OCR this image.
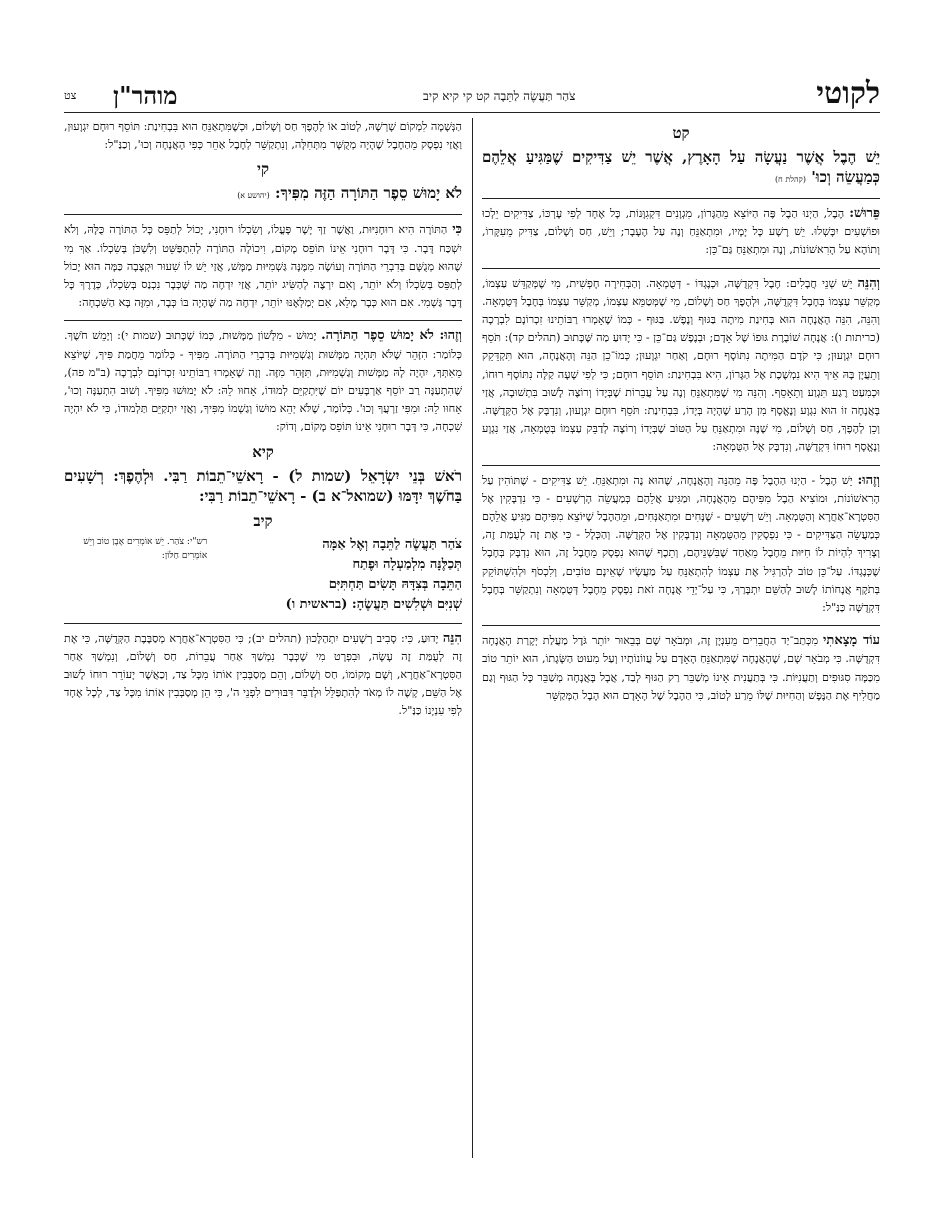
לקוטי
צֹהַר תַּעֲשֶׂה לַתֵּבָה קט קי קיא קיב
מוהר"ן
צט
קט
יֵשׁ הֶבֶל אֲשֶׁר נַעֲשָׂה עַל הָאָרֶץ, אֲשֶׁר יֵשׁ צַדִּיקִים שֶׁמַּגִּיעַ אֲלֵהֶם כְּמַעֲשֵׂה וְכוּ' (קהלת ח)

פֵּרוּשׁ: הֶבֶל, הַיְנוּ הַבֶל פֶּה הַיּוֹצֵא מֵהַגָּרוֹן, מִגְוָנִים דִּקְגִוָּנוֹת, כָּל אֶחָד לְפִי עֶרְכּוֹ, צַדִּיקִים יֵלְכוּ וּפוֹשְׁעִים יִכָּשְׁלוּ. יֵשׁ רָשָׁע כָּל יָמָיו, וּמִתְאַנֵּחַ וְנֶה עַל הֶעָבָר; וְיֵשׁ, חַס וְשָׁלוֹם, צַדִּיק מֵעִקָּרוֹ, וְתוֹהֶא עַל הָרִאשׁוֹנוֹת, וְנֶה וּמִתְאַנֵּחַ גַּם־כֵּן:

וְהִנֵּה יֵשׁ שְׁנֵי חֲבָלִים: חֶבֶל דִּקְדֻשָּׁה, וּכְנֶגְדּוֹ - דְּטֻמְאָה. וְהַבְּחִירָה חָפְשִׁית, מִי שֶׁמְּקַדֵּשׁ עַצְמוֹ, מְקַשֵּׁר עַצְמוֹ בְּחֶבֶל דִּקְדֻשָּׁה, וּלְהֶפֶךְ חַס וְשָׁלוֹם, מִי שֶׁמְּטַמֵּא עַצְמוֹ, מְקַשֵּׁר עַצְמוֹ בְּחֶבֶל דְּטֻמְאָה. וְהִנֵּה, הִנֵּה הָאֲנָחָה הוּא בְּחִינַת מִיתָה בַּגּוּף וְנֶפֶשׁ. בַּגּוּף - כְּמוֹ שֶׁאָמְרוּ רַבּוֹתֵינוּ זִכְרוֹנָם לִבְרָכָה (כריתות ו): אֲנָחָה שׁוֹבֶרֶת גּוּפוֹ שֶׁל אָדָם; וּבְנֶפֶשׁ גַּם־כֵּן - כִּי יָדוּעַ מַה שֶּׁכָּתוּב (תהלים קד): תֹּסֵף רוּחָם יִגְוָעוּן; כִּי קֹדֶם הַמִּיתָה נִתּוֹסָף רוּחָם, וְאַחַר יִגְוָעוּן; כְּמוֹ־כֵן הַנֵּה וְהָאֲנָחָה, הוּא תִּקְדֵּקֵק וְתֵעֲיָן בָּהּ אֵיךְ הִיא נִמְשֶׁכֶת אֶל הַגָּרוֹן, הִיא בִּבְחִינַת: תּוֹסֵף רוּחָם; כִּי לְפִי שָׁעָה קַלָּה נִתּוֹסָף רוּחוֹ, וּכְמִעַט רֶגַע תִּגְוַע וְתֵאָסֵף. וְהִנֵּה מִי שֶׁמִּתְאַנֵּחַ וְנֶה עַל עֲבֵרוֹת שֶׁבְּיָדוֹ וְרוֹצֶה לָשׁוּב בִּתְשׁוּבָה, אֲזַי בָּאֲנָחָה זוֹ הוּא נִגְוָע וְנֶאֱסָף מִן הָרַע שֶׁהָיָה בְּיָדוֹ, בִּבְחִינַת: תֹּסֵף רוּחָם יִגְוָעוּן, וְנִדְבָּק אֶל הַקְּדֻשָּׁה. וְכֵן לְהֶפֶךְ, חַס וְשָׁלוֹם, מִי שֶׁנֶּה וּמִתְאַנֵּחַ עַל הַטּוֹב שֶׁבְּיָדוֹ וְרוֹצֶה לְדַבֵּק עַצְמוֹ בְּטֻמְאָה, אֲזַי נִגְוָע וְנֶאֱסָף רוּחוֹ דִּקְדֻשָּׁה, וְנִדְבָּק אֶל הַטֻּמְאָה:

וְזֶהוּ: יֵשׁ הֶבֶל - הַיְנוּ הַהֶבֶל פֶּה מֵהַנֵּה וְהָאֲנָחָה, שֶׁהוּא נֶה וּמִתְאַנֵּחַ. יֵשׁ צַדִּיקִים - שֶׁתּוֹהִין עַל הָרִאשׁוֹנוֹת, וּמוֹצִיא הַבֶל מִפִּיהֶם מֵהָאֲנָחָה, וּמַגִּיעַ אֲלֵהֶם כְּמַעֲשֵׂה הָרְשָׁעִים - כִּי נִדְבָּקִין אֶל הַסִּטְרָא־אַחֲרָא וְהַטֻּמְאָה. וְיֵשׁ רְשָׁעִים - שֶׁנָּחִים וּמִתְאַנְּחִים, וּמֵהַהֶבֶל שֶׁיּוֹצֵא מִפִּיהֶם מַגִּיעַ אֲלֵהֶם כְּמַעֲשֵׂה הַצַּדִּיקִים - כִּי נִפְסָקִין מֵהַטֻּמְאָה וְנִדְבָּקִין אֶל הַקְּדֻשָּׁה. וְהַכְּלָל - כִּי אֶת זֶה לְעֻמַּת זֶה, וְצָרִיךְ לִהְיוֹת לוֹ חִיּוּת מֵחֶבֶל מֵאַחַד שֶׁבִּשְׁנֵיהֶם, וְתֵכֶף שֶׁהוּא נִפְסָק מֵחֶבֶל זֶה, הוּא נִדְבָּק בְּחֶבֶל שֶׁכְּנֶגְדּוֹ. עַל־כֵּן טוֹב לְהַרְגִּיל אֶת עַצְמוֹ לְהִתְאַנֵּחַ עַל מַעֲשָׂיו שֶׁאֵינָם טוֹבִים, וְלִכְסֹף וּלְהִשְׁתּוֹקֵק בְּתֹקֶף אֲנָחוֹתוֹ לָשׁוּב לְהַשֵּׁם יִתְבָּרַךְ, כִּי עַל־יְדֵי אֲנָחָה זֹאת נִפְסָק מֵחֶבֶל דְּטֻמְאָה וְנִתְקַשֵּׁר בְּחֶבֶל דִּקְדֻשָּׁה כַּנַּ"ל:

עוֹד מָצָאתִי מִכְּתַב־יַד הַחֲבֵרִים מֵעִנְיָן זֶה, וּמְבֹאָר שָׁם בְּבֵאוּר יוֹתֵר גֹּדֶל מַעֲלַת יְקָרַת הָאֲנָחָה דִּקְדֻשָּׁה. כִּי מְבֹאָר שָׁם, שֶׁהָאֲנָחָה שֶׁמִּתְאַנֵּחַ הָאָדָם עַל עֲווֹנוֹתָיו וְעַל מִעוּט הַשָּׂגָתוֹ, הוּא יוֹתֵר טוֹב מִכַּמָּה סִגּוּפִים וְתַעֲנִיּוֹת. כִּי בְּתַעֲנִית אֵינוֹ מְשַׁבֵּר רַק הַגּוּף לְבַד, אֲבָל בָּאֲנָחָה מְשַׁבֵּר כָּל הַגּוּף וְגַם מַחֲלִיף אֶת הַנֶּפֶשׁ וְהַחִיּוּת שֶׁלּוֹ מֵרַע לְטוֹב, כִּי הַהֶבֶל שֶׁל הָאָדָם הוּא הֶבֶל הַמְּקַשֵּׁר

הַנְּשָׁמָה לִמְקוֹם שָׁרְשָׁהּ, לְטוֹב אוֹ לְהֶפֶךְ חַס וְשָׁלוֹם, וּכְשֶׁמִּתְאַנֵּחַ הוּא בִּבְחִינַת: תּוֹסֵף רוּחָם יִגְוָעוּן, וַאֲזַי נִפְסָק מֵהַחֶבֶל שֶׁהָיָה מְקֻשָּׁר מִתְּחִלָּה, וְנִתְקַשֵּׁר לְחֶבֶל אַחֵר כְּפִי הָאֲנָחָה וְכוּ', וְכַנַּ"ל:

קי
לֹא יָמוּשׁ סֵפֶר הַתּוֹרָה הַזֶּה מִפִּיךָ: (יהושע א)

כִּי הַתּוֹרָה הִיא רוּחָנִיּוּת, וַאֲשֶׁר זַךְ יָשָׁר פָּעֳלוֹ, וְשִׂכְלוֹ רוּחָנִי, יָכוֹל לְתַפֵּס כָּל הַתּוֹרָה כֻּלָּהּ, וְלֹא יִשְׁכַּח דָּבָר. כִּי דָּבָר רוּחָנִי אֵינוֹ תּוֹפֵס מָקוֹם, וִיכוֹלָה הַתּוֹרָה לְהִתְפַּשֵּׁט וְלִשְׁכֹּן בְּשִׂכְלוֹ. אַךְ מִי שֶׁהוּא מְגֻשָּׁם בְּדִבְרֵי הַתּוֹרָה וְעוֹשֶׂה מִמֶּנָּה גַּשְׁמִיּוּת מַמָּשׁ, אֲזַי יֵשׁ לוֹ שִׁעוּר וּקְצָבָה כַּמָּה הוּא יָכוֹל לְתַפֵּס בְּשִׂכְלוֹ וְלֹא יוֹתֵר, וְאִם יִרְצֶה לְהַשִּׂיג יוֹתֵר, אֲזַי יִדְחֶה מַה שֶּׁכְּבָר נִכְנַס בְּשִׂכְלוֹ, כְּדֶרֶךְ כָּל דָּבָר גַּשְׁמִי. אִם הוּא כְּבָר מָלֵא, אִם יְמַלְּאֶנּוּ יוֹתֵר, יִדְחֶה מַה שֶּׁהָיָה בּוֹ כְּבָר, וּמִזֶּה בָּא הַשִּׁכְחָה:

וְזֶהוּ: לֹא יָמוּשׁ סֵפֶר הַתּוֹרָה. יָמוּשׁ - מִלְּשׁוֹן מַמָּשׁוּת, כְּמוֹ שֶׁכָּתוּב (שמות י): וְיָמֵשׁ חֹשֶׁךְ. כְּלוֹמַר: הִזָּהֵר שֶׁלֹּא תִּהְיֶה מַמָּשׁוּת וְגַשְׁמִיּוּת בְּדִבְרֵי הַתּוֹרָה. מִפִּיךָ - כְּלוֹמַר מֵחֲמַת פִּיךָ, שֶׁיּוֹצֵא מֵאִתְּךָ, יִהְיֶה לָהּ מַמָּשׁוּת וְגַשְׁמִיּוּת, תִּזָּהֵר מִזֶּה. וְזֶה שֶׁאָמְרוּ רַבּוֹתֵינוּ זִכְרוֹנָם לִבְרָכָה (ב"מ פה), שֶׁהִתְעַנָּה רַב יוֹסֵף אַרְבָּעִים יוֹם שֶׁיִּתְקַיֵּם לְמוּדוֹ, אָחוּו לֵהּ: לֹא יָמוּשׁוּ מִפִּיךָ. וְשׁוּב הִתְעַנָּה וְכוּ', אָחוּו לֵהּ: וּמִפִּי זַרְעֲךָ וְכוּ'. כְּלוֹמַר, שֶׁלֹּא יְהֵא מוּשׁוֹ וְגַשְׁמוֹ מִפִּיךָ, וַאֲזַי יִתְקַיֵּם תַּלְמוּדוֹ, כִּי לֹא יִהְיֶה שִׁכְחָה, כִּי דָּבָר רוּחָנִי אֵינוֹ תּוֹפֵס מָקוֹם, וְדוֹק:

קיא
רֹאשׁ בְּנֵי יִשְׂרָאֵל (שמות ל) - רָאשֵׁי־תֵבוֹת רַבִּי. וּלְהֶפֶךְ: רְשָׁעִים בַּחֹשֶׁךְ יִדָּמּוּ (שמואל־א ב) - רָאשֵׁי־תֵבוֹת רַבִּי:
קיב
צֹהַר תַּעֲשֶׂה לַתֵּבָה וְאֶל אַמָּה
תְּכַלֶּנָּה מִלְמַעְלָה וּפֶתַח
הַתֵּבָה בְּצִדָּהּ תָּשִׂים תַּחְתִּיִּם
שְׁנִיִּם וּשְׁלִשִׁים תַּעֲשֶׂהָ: (בראשית ו)
רש"י: צֹהַר. יֵשׁ אוֹמְרִים אֶבֶן טוֹב וְיֵשׁ אוֹמְרִים חַלּוֹן:

הִנֵּה יָדוּעַ, כִּי: סָבִיב רְשָׁעִים יִתְהַלָּכוּן (תהלים יב); כִּי הַסִּטְרָא־אַחֲרָא מְסַבֶּבֶת הַקְּדֻשָּׁה, כִּי אֶת זֶה לְעֻמַּת זֶה עָשָׂה, וּבִפְרָט מִי שֶׁכְּבָר נִמְשַׁךְ אַחַר עֲבֵרוֹת, חַס וְשָׁלוֹם, וְנִמְשַׁךְ אַחַר הַסִּטְרָא־אַחֲרָא, וְשָׁם מְקוֹמוֹ, חַס וְשָׁלוֹם, וְהֵם מְסַבְּבִין אוֹתוֹ מִכָּל צַד, וְכַאֲשֶׁר יָעוֹרֵר רוּחוֹ לָשׁוּב אֶל הַשֵּׁם, קָשֶׁה לוֹ מְאֹד לְהִתְפַּלֵּל וּלְדַבֵּר דִּבּוּרִים לִפְנֵי ה', כִּי הֵן מְסַבְּבִין אוֹתוֹ מִכָּל צַד, לְכָל אֶחָד לְפִי עִנְיָנוֹ כַּנַּ"ל.
